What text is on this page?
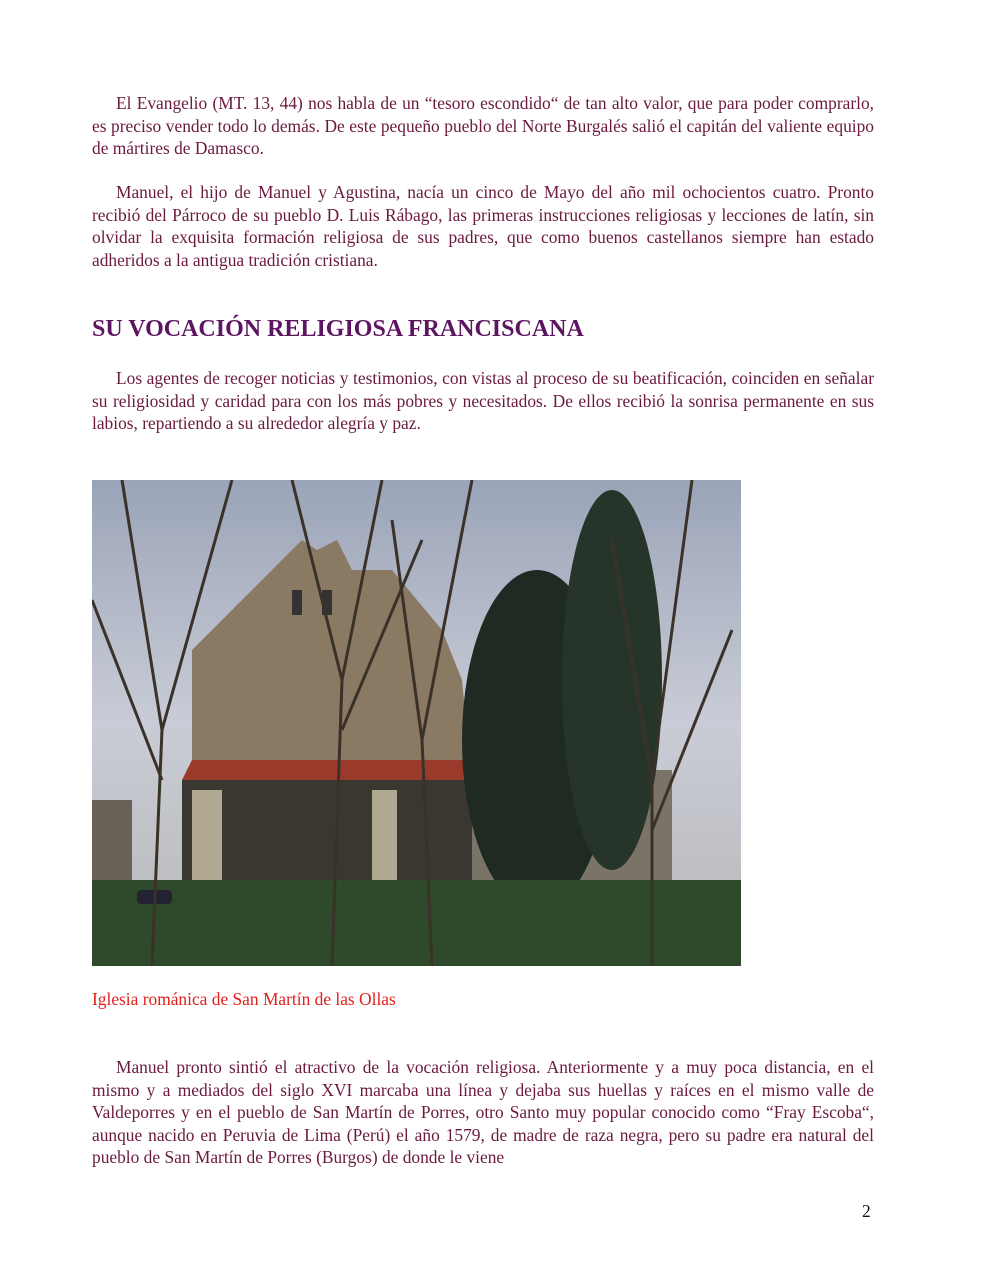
El Evangelio (MT. 13, 44) nos habla de un “tesoro escondido“ de tan alto valor, que para poder comprarlo, es preciso vender todo lo demás. De este pequeño pueblo del Norte Burgalés salió el capitán del valiente equipo de mártires de Damasco.

Manuel, el hijo de Manuel y Agustina, nacía un cinco de Mayo del año mil ochocientos cuatro. Pronto recibió del Párroco de su pueblo D. Luis Rábago, las primeras instrucciones religiosas y lecciones de latín, sin olvidar la exquisita formación religiosa de sus padres, que como buenos castellanos siempre han estado adheridos a la antigua tradición cristiana.

SU VOCACIÓN RELIGIOSA FRANCISCANA

Los agentes de recoger noticias y testimonios, con vistas al proceso de su beatificación, coinciden en señalar su religiosidad y caridad para con los más pobres y necesitados. De ellos recibió la sonrisa permanente en sus labios, repartiendo a su alrededor alegría y paz.

Iglesia románica de San Martín de las Ollas

Manuel pronto sintió el atractivo de la vocación religiosa. Anteriormente y a muy poca distancia, en el mismo y a mediados del siglo XVI marcaba una línea y dejaba sus huellas y raíces en el mismo valle de Valdeporres y en el pueblo de San Martín de Porres, otro Santo muy popular conocido como “Fray Escoba“, aunque nacido en Peruvia de Lima (Perú) el año 1579, de madre de raza negra, pero su padre era natural del pueblo de San Martín de Porres (Burgos) de donde le viene

2
